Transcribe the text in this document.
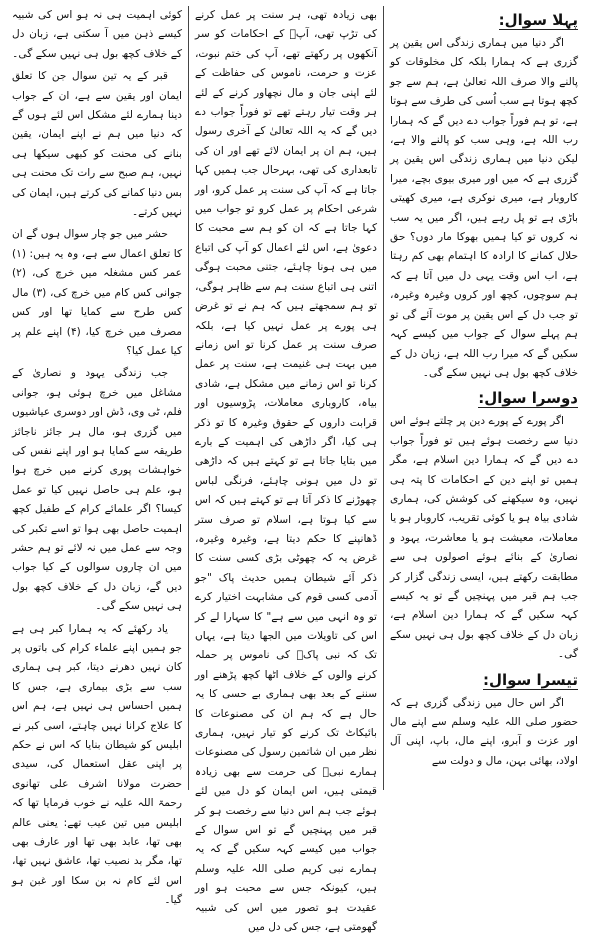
پہلا سوال:

اگر دنیا میں ہماری زندگی اس یقین پر گزری ہے کہ ہمارا بلکہ کل مخلوقات کو پالنے والا صرف اللہ تعالیٰ ہے، ہم سے جو کچھ ہوتا ہے سب اُسی کی طرف سے ہوتا ہے، تو ہم فوراً جواب دے دیں گے کہ ہمارا رب اللہ ہے، وہی سب کو پالنے والا ہے، لیکن دنیا میں ہماری زندگی اس یقین پر گزری ہے کہ میں اور میری بیوی بچے، میرا کاروبار ہے، میری نوکری ہے، میری کھیتی باڑی ہے تو پل رہے ہیں، اگر میں یہ سب نہ کروں تو کیا ہمیں بھوکا مار دوں؟ حق حلال کمانے کا ارادہ کا اہتمام بھی کم رہتا ہے، اب اس وقت یہی دل میں آتا ہے کہ ہم سوچوں، کچھ اور کروں وغیرہ وغیرہ، تو جب دل کے اس یقین پر موت آئے گی تو ہم پہلے سوال کے جواب میں کیسے کہہ سکیں گے کہ میرا رب اللہ ہے، زبان دل کے خلاف کچھ بول ہی نہیں سکے گی۔

دوسرا سوال:

اگر پورے کے پورے دین پر چلتے ہوئے اس دنیا سے رخصت ہوئے ہیں تو فوراً جواب دے دیں گے کہ ہمارا دین اسلام ہے، مگر ہمیں تو اپنے دین کے احکامات کا پتہ ہی نہیں، وہ سیکھنے کی کوشش کی، ہماری شادی بیاہ ہو یا کوئی تقریب، کاروبار ہو یا معاملات، معیشت ہو یا معاشرت، یہود و نصاریٰ کے بنائے ہوئے اصولوں ہی سے مطابقت رکھتے ہیں، ایسی زندگی گزار کر جب ہم قبر میں پہنچیں گے تو یہ کیسے کہہ سکیں گے کہ ہمارا دین اسلام ہے، زبان دل کے خلاف کچھ بول ہی نہیں سکے گی۔

تیسرا سوال:

اگر اس حال میں زندگی گزری ہے کہ حضور صلی اللہ علیہ وسلم سے اپنے مال اور عزت و آبرو، اپنے مال، باپ، اپنی آل اولاد، بھائی بہن، مال و دولت سے

بھی زیادہ تھی، ہر سنت پر عمل کرنے کی تڑپ تھی، آپؐ کے احکامات کو سر آنکھوں پر رکھتے تھے، آپ کی ختم نبوت، عزت و حرمت، ناموس کی حفاظت کے لئے اپنی جان و مال نچھاور کرنے کے لئے ہر وقت تیار رہتے تھے تو فوراً جواب دے دیں گے کہ یہ اللہ تعالیٰ کے آخری رسول ہیں، ہم ان پر ایمان لائے تھے اور ان کی تابعداری کی تھی، بہرحال جب ہمیں کہا جاتا ہے کہ آپ کی سنت پر عمل کرو، اور شرعی احکام پر عمل کرو تو جواب میں کہا جاتا ہے کہ ان کو ہم سے محبت کا دعویٰ ہے، اس لئے اعمال کو آپ کی اتباع میں ہی ہونا چاہئے، جتنی محبت ہوگی اتنی ہی اتباع سنت ہم سے ظاہر ہوگی، تو ہم سمجھتے ہیں کہ ہم نے تو غرض ہی پورے پر عمل نہیں کیا ہے، بلکہ صرف سنت پر عمل کرنا تو اس زمانے میں بہت ہی غنیمت ہے، سنت پر عمل کرنا تو اس زمانے میں مشکل ہے، شادی بیاہ، کاروباری معاملات، پڑوسیوں اور قرابت داروں کے حقوق وغیرہ کا تو ذکر ہی کیا، اگر داڑھی کی اہمیت کے بارے میں بتایا جاتا ہے تو کہتے ہیں کہ داڑھی تو دل میں ہونی چاہئے، فرنگی لباس چھوڑنے کا ذکر آتا ہے تو کہتے ہیں کہ اس سے کیا ہوتا ہے، اسلام تو صرف ستر ڈھانپنے کا حکم دیتا ہے، وغیرہ وغیرہ، غرض یہ کہ چھوٹی بڑی کسی سنت کا ذکر آئے شیطان ہمیں حدیث پاک "جو آدمی کسی قوم کی مشابہت اختیار کرے تو وہ انہی میں سے ہے" کا سہارا لے کر اس کی تاویلات میں الجھا دیتا ہے، یہاں تک کہ نبی پاکؐ کی ناموس پر حملہ کرنے والوں کے خلاف اٹھا کچھ پڑھنے اور سننے کے بعد بھی ہماری بے حسی کا یہ حال ہے کہ ہم ان کی مصنوعات کا بائیکاٹ تک کرنے کو تیار نہیں، ہماری نظر میں ان شاتمین رسول کی مصنوعات ہمارے نبیؐ کی حرمت سے بھی زیادہ قیمتی ہیں، اس ایمان کو دل میں لئے ہوئے جب ہم اس دنیا سے رخصت ہو کر قبر میں پہنچیں گے تو اس سوال کے جواب میں کیسے کہہ سکیں گے کہ یہ ہمارے نبی کریم صلی اللہ علیہ وسلم ہیں، کیونکہ جس سے محبت ہو اور عقیدت ہو تصور میں اس کی شبیہ گھومتی ہے، جس کی دل میں

کوئی اہمیت ہی نہ ہو اس کی شبیہ کیسے ذہن میں آ سکتی ہے، زبان دل کے خلاف کچھ بول ہی نہیں سکے گی۔

قبر کے یہ تین سوال جن کا تعلق ایمان اور یقین سے ہے، ان کے جواب دینا ہمارے لئے مشکل اس لئے ہوں گے کہ دنیا میں ہم نے اپنے ایمان، یقین بنانے کی محنت کو کبھی سیکھا ہی نہیں، ہم صبح سے رات تک محنت ہی بس دنیا کمانے کی کرتے ہیں، ایمان کی نہیں کرتے۔

حشر میں جو چار سوال ہوں گے ان کا تعلق اعمال سے ہے، وہ یہ ہیں: (۱) عمر کس مشغلہ میں خرچ کی، (۲) جوانی کس کام میں خرچ کی، (۳) مال کس طرح سے کمایا تھا اور کس مصرف میں خرچ کیا، (۴) اپنے علم پر کیا عمل کیا؟

جب زندگی یہود و نصاریٰ کے مشاغل میں خرچ ہوئی ہو، جوانی فلم، ٹی وی، ڈش اور دوسری عیاشیوں میں گزری ہو، مال ہر جائز ناجائز طریقہ سے کمایا ہو اور اپنے نفس کی خواہشات پوری کرنے میں خرچ ہوا ہو، علم ہی حاصل نہیں کیا تو عمل کیسا؟ اگر علمائے کرام کے طفیل کچھ اہمیت حاصل بھی ہوا تو اسے تکبر کی وجہ سے عمل میں نہ لائے تو ہم حشر میں ان چاروں سوالوں کے کیا جواب دیں گے، زبان دل کے خلاف کچھ بول ہی نہیں سکے گی۔

یاد رکھئے کہ یہ ہمارا کبر ہی ہے جو ہمیں اپنے علماء کرام کی باتوں پر کان نہیں دھرنے دیتا، کبر ہی ہماری سب سے بڑی بیماری ہے، جس کا ہمیں احساس ہی نہیں ہے، ہم اس کا علاج کرانا نہیں چاہتے، اسی کبر نے ابلیس کو شیطان بنایا کہ اس نے حکم پر اپنی عقل استعمال کی، سیدی حضرت مولانا اشرف علی تھانوی رحمۃ اللہ علیہ نے خوب فرمایا تھا کہ ابلیس میں تین عیب تھے: یعنی عالم بھی تھا، عابد بھی تھا اور عارف بھی تھا، مگر بد نصیب تھا، عاشق نہیں تھا، اس لئے کام نہ بن سکا اور غبن ہو گیا۔
